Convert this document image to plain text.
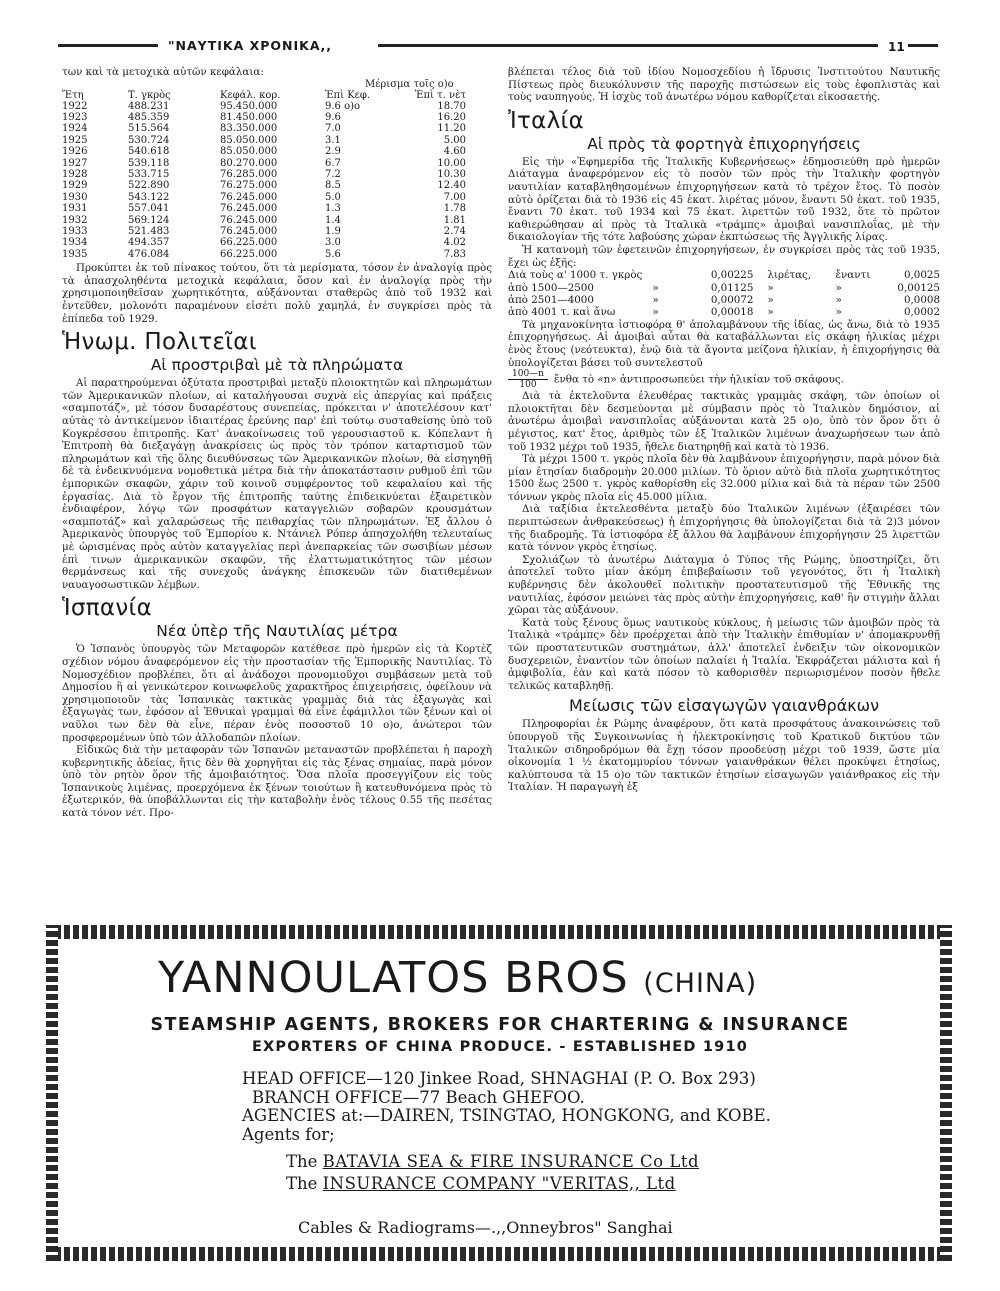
"ΝΑΥΤΙΚΑ ΧΡΟΝΙΚΑ,,	11

των καὶ τὰ μετοχικὰ αὐτῶν κεφάλαια:

			Μέρισμα τοῖς ο)ο	
Ἔτη	Τ. γκρὸς	Κεφάλ. κορ.	Ἐπὶ Κεφ.	Ἐπὶ τ. νὲτ
1922	488.231	95.450.000	9.6 ο)ο	18.70
1923	485.359	81.450.000	9.6	16.20
1924	515.564	83.350.000	7.0	11.20
1925	530.724	85.050.000	3.1	5.00
1926	540.618	85.050.000	2.9	4.60
1927	539.118	80.270.000	6.7	10.00
1928	533.715	76.285.000	7.2	10.30
1929	522.890	76.275.000	8.5	12.40
1930	543.122	76.245.000	5.0	7.00
1931	557.041	76.245.000	1.3	1.78
1932	569.124	76.245.000	1.4	1.81
1933	521.483	76.245.000	1.9	2.74
1934	494.357	66.225.000	3.0	4.02
1935	476.084	66.225.000	5.6	7.83

Προκύπτει ἐκ τοῦ πίνακος τούτου, ὅτι τὰ μερίσματα, τόσον ἐν ἀναλογίᾳ πρὸς τὰ ἀπασχοληθέντα μετοχικὰ κεφάλαια, ὅσον καὶ ἐν ἀναλογίᾳ πρὸς τὴν χρησιμοποιηθεῖσαν χωρητικότητα, αὐξάνονται σταθερῶς ἀπὸ τοῦ 1932 καὶ ἐντεῦθεν, μολονότι παραμένουν εἰσέτι πολὺ χαμηλά, ἐν συγκρίσει πρὸς τὰ ἐπίπεδα τοῦ 1929.

Ἡνωμ. Πολιτεῖαι
Αἱ προστριβαὶ μὲ τὰ πληρώματα

Αἱ παρατηρούμεναι ὀξύτατα προστριβαὶ μεταξὺ πλοιοκτητῶν καὶ πληρωμάτων τῶν Ἀμερικανικῶν πλοίων, αἱ καταλήγουσαι συχνὰ εἰς ἀπεργίας καὶ πράξεις «σαμποτάζ», μὲ τόσον δυσαρέστους συνεπείας, πρόκειται ν' ἀποτελέσουν κατ' αὐτὰς τὸ ἀντικείμενον ἰδιαιτέρας ἐρεύνης παρ' ἐπὶ τούτῳ συσταθείσης ὑπὸ τοῦ Κογκρέσσου ἐπιτροπῆς. Κατ' ἀνακοίνωσεις τοῦ γερουσιαστοῦ κ. Κόπελαντ ἡ Ἐπιτροπὴ θὰ διεξαγάγῃ ἀνακρίσεις ὡς πρὸς τὸν τρόπον καταρτισμοῦ τῶν πληρωμάτων καὶ τῆς ὅλης διευθύνσεως τῶν Ἀμερικανικῶν πλοίων, θὰ εἰσηγηθῇ δὲ τὰ ἐνδεικνυόμενα νομοθετικὰ μέτρα διὰ τὴν ἀποκατάστασιν ρυθμοῦ ἐπὶ τῶν ἐμπορικῶν σκαφῶν, χάριν τοῦ κοινοῦ συμφέροντος τοῦ κεφαλαίου καὶ τῆς ἐργασίας. Διὰ τὸ ἔργον τῆς ἐπιτροπῆς ταύτης ἐπιδεικνύεται ἐξαιρετικὸν ἐνδιαφέρον, λόγῳ τῶν προσφάτων καταγγελιῶν σοβαρῶν κρουσμάτων «σαμποτάζ» καὶ χαλαρώσεως τῆς πειθαρχίας τῶν πληρωμάτων. Ἐξ ἄλλου ὁ Ἀμερικανὸς ὑπουργὸς τοῦ Ἐμπορίου κ. Ντάνιελ Ρόπερ ἀπησχολήθη τελευταίως μὲ ὡρισμένας πρὸς αὐτὸν καταγγελίας περὶ ἀνεπαρκείας τῶν σωσιβίων μέσων ἐπὶ τινων ἀμερικανικῶν σκαφῶν, τῆς ἐλαττωματικότητος τῶν μέσων θερμάνσεως καὶ τῆς συνεχοῦς ἀνάγκης ἐπισκευῶν τῶν διατιθεμένων ναυαγοσωστικῶν λέμβων.

Ἱσπανία
Νέα ὑπὲρ τῆς Ναυτιλίας μέτρα

Ὁ Ἱσπανὸς ὑπουργὸς τῶν Μεταφορῶν κατέθεσε πρὸ ἡμερῶν εἰς τὰ Κορτὲζ σχέδιον νόμου ἀναφερόμενον εἰς τὴν προστασίαν τῆς Ἐμπορικῆς Ναυτιλίας. Τὸ Νομοσχέδιον προβλέπει, ὅτι αἱ ἀνάδοχοι προνομιοῦχοι συμβάσεων μετὰ τοῦ Δημοσίου ἢ αἱ γενικώτερον κοινωφελοῦς χαρακτῆρος ἐπιχειρήσεις, ὀφείλουν νὰ χρησιμοποιοῦν τὰς Ἱσπανικὰς τακτικὰς γραμμὰς διὰ τὰς ἐξαγωγὰς καὶ ἐξαγωγὰς των, ἐφόσον αἱ Ἐθνικαὶ γραμμαὶ θὰ εἶνε ἐφάμιλλοι τῶν ξένων καὶ οἱ ναῦλοι των δὲν θὰ εἶνε, πέραν ἑνὸς ποσοστοῦ 10 ο)ο, ἀνώτεροι τῶν προσφερομένων ὑπὸ τῶν ἀλλοδαπῶν πλοίων.

Εἰδικῶς διὰ τὴν μεταφορὰν τῶν Ἱσπανῶν μεταναστῶν προβλέπεται ἡ παροχὴ κυβερνητικῆς ἀδείας, ἥτις δὲν θὰ χορηγῆται εἰς τὰς ξένας σημαίας, παρὰ μόνον ὑπὸ τὸν ρητὸν ὅρον τῆς ἀμοιβαιότητος. Ὅσα πλοῖα προσεγγίζουν εἰς τοὺς Ἱσπανικοὺς λιμένας, προερχόμενα ἐκ ξένων τοιούτων ἢ κατευθυνόμενα πρὸς τὸ ἐξωτερικόν, θὰ ὑποβάλλωνται εἰς τὴν καταβολὴν ἑνὸς τέλους 0.55 τῆς πεσέτας κατὰ τόνον νέτ. Προ-

βλέπεται τέλος διὰ τοῦ ἰδίου Νομοσχεδίου ἡ ἵδρυσις Ἰνστιτούτου Ναυτικῆς Πίστεως πρὸς διευκόλυνσιν τῆς παροχῆς πιστώσεων εἰς τοὺς ἐφοπλιστὰς καὶ τοὺς ναυπηγούς. Ἡ ἰσχὺς τοῦ ἀνωτέρω νόμου καθορίζεται εἰκοσαετής.

Ἰταλία
Αἱ πρὸς τὰ φορτηγὰ ἐπιχορηγήσεις

Εἰς τὴν «Ἐφημερίδα τῆς Ἰταλικῆς Κυβερνήσεως» ἐδημοσιεύθη πρὸ ἡμερῶν Διάταγμα ἀναφερόμενον εἰς τὸ ποσὸν τῶν πρὸς τὴν Ἰταλικὴν φορτηγὸν ναυτιλίαν καταβληθησομένων ἐπιχορηγήσεων κατὰ τὸ τρέχον ἔτος. Τὸ ποσὸν αὐτὸ ὁρίζεται διὰ τὸ 1936 εἰς 45 ἑκατ. λιρέτας μόνον, ἔναντι 50 ἑκατ. τοῦ 1935, ἔναντι 70 ἑκατ. τοῦ 1934 καὶ 75 ἑκατ. λιρεττῶν τοῦ 1932, ὅτε τὸ πρῶτον καθιερώθησαν αἱ πρὸς τὰ Ἰταλικὰ «τράμπς» ἀμοιβαὶ νανσιπλοΐας, μὲ τὴν δικαιολογίαν τῆς τότε λαβούσης χώραν ἐκπτώσεως τῆς Ἀγγλικῆς λίρας.

Ἡ κατανομὴ τῶν ἐφετεινῶν ἐπιχορηγήσεων, ἐν συγκρίσει πρὸς τὰς τοῦ 1935, ἔχει ὡς ἑξῆς:

Διὰ τοὺς α' 1000 τ. γκρὸς		0,00225	λιρέτας,	ἔναντι	0,0025
ἀπὸ 1500—2500	»	0,01125	»	»	0,00125
ἀπὸ 2501—4000	»	0,00072	»	»	0,0008
ἀπὸ 4001 τ. καὶ ἄνω	»	0,00018	»	»	0,0002

Τὰ μηχανοκίνητα ἱστιοφόρα θ' ἀπολαμβάνουν τῆς ἰδίας, ὡς ἄνω, διὰ τὸ 1935 ἐπιχορηγήσεως. Αἱ ἀμοιβαὶ αὗται θὰ καταβάλλωνται εἰς σκάφη ἡλικίας μέχρι ἑνὸς ἔτους (νεότευκτα), ἐνῷ διὰ τὰ ἄγοντα μείζονα ἡλικίαν, ἡ ἐπιχορήγησις θὰ ὑπολογίζεται βάσει τοῦ συντελεστοῦ

$\frac{100—n}{100}$ ἔνθα τὸ «n» ἀντιπροσωπεύει τὴν ἡλικίαν τοῦ σκάφους.

Διὰ τὰ ἐκτελοῦντα ἐλευθέρας τακτικὰς γραμμὰς σκάφη, τῶν ὁποίων οἱ πλοιοκτῆται δὲν δεσμεύονται μὲ σύμβασιν πρὸς τὸ Ἰταλικὸν δημόσιον, αἱ ἀνωτέρω ἀμοιβαὶ νανσιπλοΐας αὐξάνονται κατὰ 25 ο)ο, ὑπὸ τὸν ὅρον ὅτι ὁ μέγιστος, κατ' ἔτος, ἀριθμὸς τῶν ἐξ Ἰταλικῶν λιμένων ἀναχωρήσεων των ἀπὸ τοῦ 1932 μέχρι τοῦ 1935, ἤθελε διατηρηθῇ καὶ κατὰ τὸ 1936.

Τὰ μέχρι 1500 τ. γκρὸς πλοῖα δὲν θὰ λαμβάνουν ἐπιχορήγησιν, παρὰ μόνον διὰ μίαν ἐτησίαν διαδρομὴν 20.000 μιλίων. Τὸ ὅριον αὐτὸ διὰ πλοῖα χωρητικότητος 1500 ἕως 2500 τ. γκρὸς καθορίσθη εἰς 32.000 μίλια καὶ διὰ τὰ πέραν τῶν 2500 τόννων γκρὸς πλοῖα εἰς 45.000 μίλια.

Διὰ ταξίδια ἐκτελεσθέντα μεταξὺ δύο Ἰταλικῶν λιμένων (ἐξαιρέσει τῶν περιπτώσεων ἀνθρακεύσεως) ἡ ἐπιχορήγησις θὰ ὑπολογίζεται διὰ τὰ 2)3 μόνον τῆς διαδρομῆς. Τὰ ἱστιοφόρα ἐξ ἄλλου θὰ λαμβάνουν ἐπιχορήγησιν 25 λιρεττῶν κατὰ τόννον γκρὸς ἐτησίως.

Σχολιάζων τὸ ἀνωτέρω Διάταγμα ὁ Τύπος τῆς Ρώμης, ὑποστηρίζει, ὅτι ἀποτελεῖ τοῦτο μίαν ἀκόμη ἐπιβεβαίωσιν τοῦ γεγονότος, ὅτι ἡ Ἰταλικὴ κυβέρνησις δὲν ἀκολουθεῖ πολιτικὴν προστατευτισμοῦ τῆς Ἐθνικῆς της ναυτιλίας, ἐφόσον μειώνει τὰς πρὸς αὐτὴν ἐπιχορηγήσεις, καθ' ἣν στιγμὴν ἄλλαι χῶραι τὰς αὐξάνουν.

Κατὰ τοὺς ξένους ὅμως ναυτικοὺς κύκλους, ἡ μείωσις τῶν ἀμοιβῶν πρὸς τὰ Ἰταλικὰ «τράμπς» δὲν προέρχεται ἀπὸ τὴν Ἰταλικὴν ἐπιθυμίαν ν' ἀπομακρυνθῇ τῶν προστατευτικῶν συστημάτων, ἀλλ' ἀποτελεῖ ἐνδειξιν τῶν οἰκονομικῶν δυσχερειῶν, ἐναντίον τῶν ὁποίων παλαίει ἡ Ἰταλία. Ἐκφράζεται μάλιστα καὶ ἡ ἀμφιβολία, ἐὰν καὶ κατὰ πόσον τὸ καθορισθὲν περιωρισμένον ποσὸν ἤθελε τελικῶς καταβληθῇ.

Μείωσις τῶν εἰσαγωγῶν γαιανθράκων

Πληροφορίαι ἐκ Ρώμης ἀναφέρουν, ὅτι κατὰ προσφάτους ἀνακοινώσεις τοῦ ὑπουργοῦ τῆς Συγκοινωνίας ἡ ἠλεκτροκίνησις τοῦ Κρατικοῦ δικτύου τῶν Ἰταλικῶν σιδηροδρόμων θὰ ἔχῃ τόσον προοδεύσῃ μέχρι τοῦ 1939, ὥστε μία οἰκονομία 1 ½ ἑκατομμυρίου τόννων γαιανθράκων θέλει προκύψει ἐτησίως, καλύπτουσα τὰ 15 ο)ο τῶν τακτικῶν ἐτησίων εἰσαγωγῶν γαιάνθρακος εἰς τὴν Ἰταλίαν. Ἡ παραγωγὴ ἐξ

YANNOULATOS BROS (CHINA)
STEAMSHIP AGENTS, BROKERS FOR CHARTERING & INSURANCE
EXPORTERS OF CHINA PRODUCE. - ESTABLISHED 1910
HEAD OFFICE—120 Jinkee Road, SHNAGHAI (P. O. Box 293)
BRANCH OFFICE—77 Beach GHEFOO.
AGENCIES at:—DAIREN, TSINGTAO, HONGKONG, and KOBE.
Agents for;
The BATAVIA SEA & FIRE INSURANCE Co Ltd
The INSURANCE COMPANY "VERITAS,, Ltd
Cables & Radiograms—.,,Onneybros" Sanghai
